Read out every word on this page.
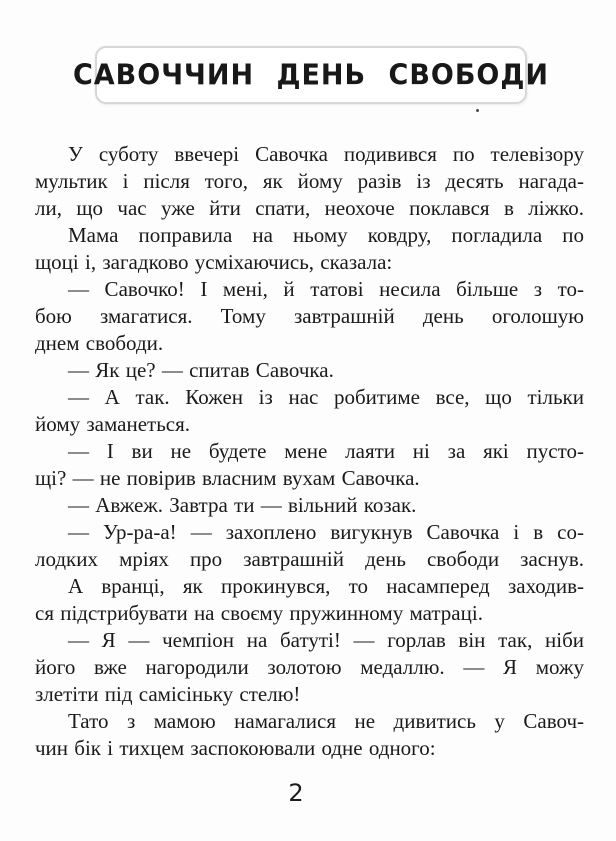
САВОЧЧИН ДЕНЬ СВОБОДИ
У суботу ввечері Савочка подивився по телевізору
мультик і після того, як йому разів із десять нагада-
ли, що час уже йти спати, неохоче поклався в ліжко.
Мама поправила на ньому ковдру, погладила по
щоці і, загадково усміхаючись, сказала:
— Савочко! І мені, й татові несила більше з то-
бою змагатися. Тому завтрашній день оголошую
днем свободи.
— Як це? — спитав Савочка.
— А так. Кожен із нас робитиме все, що тільки
йому заманеться.
— І ви не будете мене лаяти ні за які пусто-
щі? — не повірив власним вухам Савочка.
— Авжеж. Завтра ти — вільний козак.
— Ур-ра-а! — захоплено вигукнув Савочка і в со-
лодких мріях про завтрашній день свободи заснув.
А вранці, як прокинувся, то насамперед заходив-
ся підстрибувати на своєму пружинному матраці.
— Я — чемпіон на батуті! — горлав він так, ніби
його вже нагородили золотою медаллю. — Я можу
злетіти під самісіньку стелю!
Тато з мамою намагалися не дивитись у Савоч-
чин бік і тихцем заспокоювали одне одного:
2
